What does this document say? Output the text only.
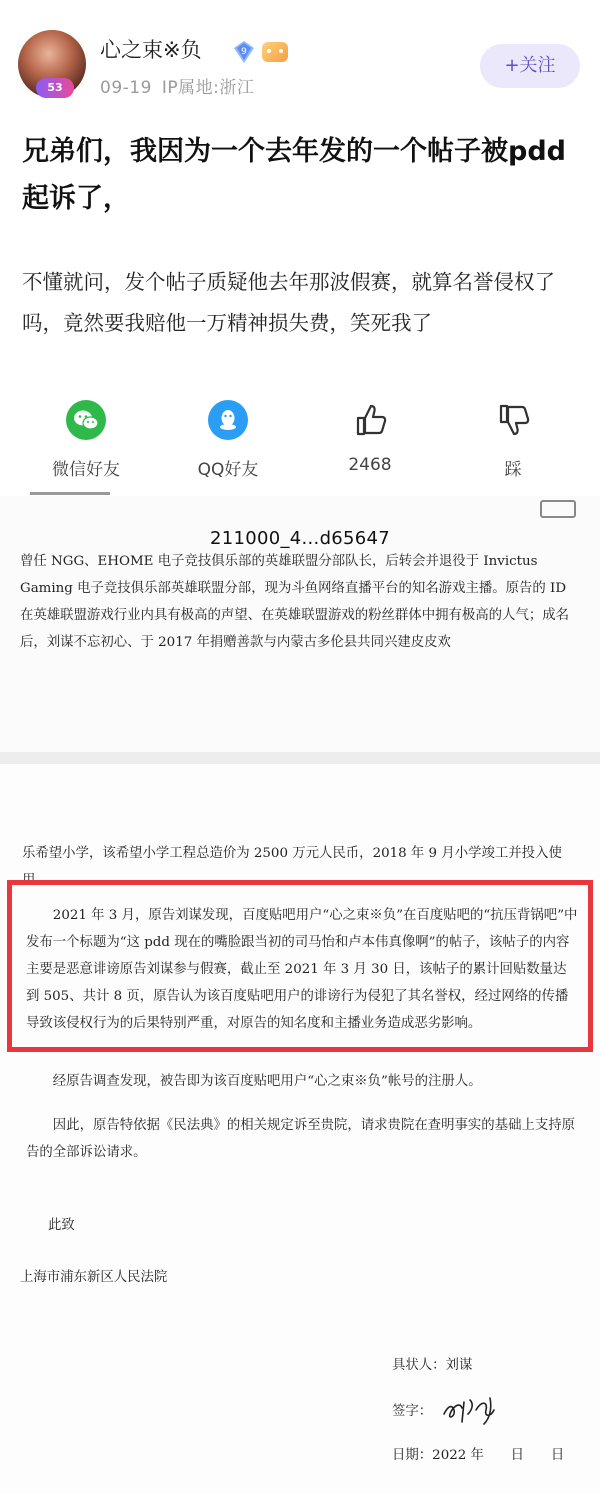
53
心之束※负	9
09-19 IP属地:浙江
+关注
兄弟们，我因为一个去年发的一个帖子被pdd起诉了，
不懂就问，发个帖子质疑他去年那波假赛，就算名誉侵权了吗，竟然要我赔他一万精神损失费，笑死我了
微信好友	QQ好友	2468	踩
211000_4...d65647
曾任 NGG、EHOME 电子竞技俱乐部的英雄联盟分部队长，后转会并退役于 Invictus Gaming 电子竞技俱乐部英雄联盟分部，现为斗鱼网络直播平台的知名游戏主播。原告的 ID 在英雄联盟游戏行业内具有极高的声望、在英雄联盟游戏的粉丝群体中拥有极高的人气；成名后，刘谋不忘初心、于 2017 年捐赠善款与内蒙古多伦县共同兴建皮皮欢
乐希望小学，该希望小学工程总造价为 2500 万元人民币，2018 年 9 月小学竣工并投入使用。
2021 年 3 月，原告刘谋发现，百度贴吧用户“心之束※负”在百度贴吧的“抗压背锅吧”中发布一个标题为“这 pdd 现在的嘴脸跟当初的司马怡和卢本伟真像啊”的帖子，该帖子的内容主要是恶意诽谤原告刘谋参与假赛，截止至 2021 年 3 月 30 日，该帖子的累计回贴数量达到 505、共计 8 页，原告认为该百度贴吧用户的诽谤行为侵犯了其名誉权，经过网络的传播导致该侵权行为的后果特别严重，对原告的知名度和主播业务造成恶劣影响。
经原告调查发现，被告即为该百度贴吧用户“心之束※负”帐号的注册人。
因此，原告特依据《民法典》的相关规定诉至贵院，请求贵院在查明事实的基础上支持原告的全部诉讼请求。
此致
上海市浦东新区人民法院
具状人：刘谋
签字：
日期：2022 年　　日　　日
